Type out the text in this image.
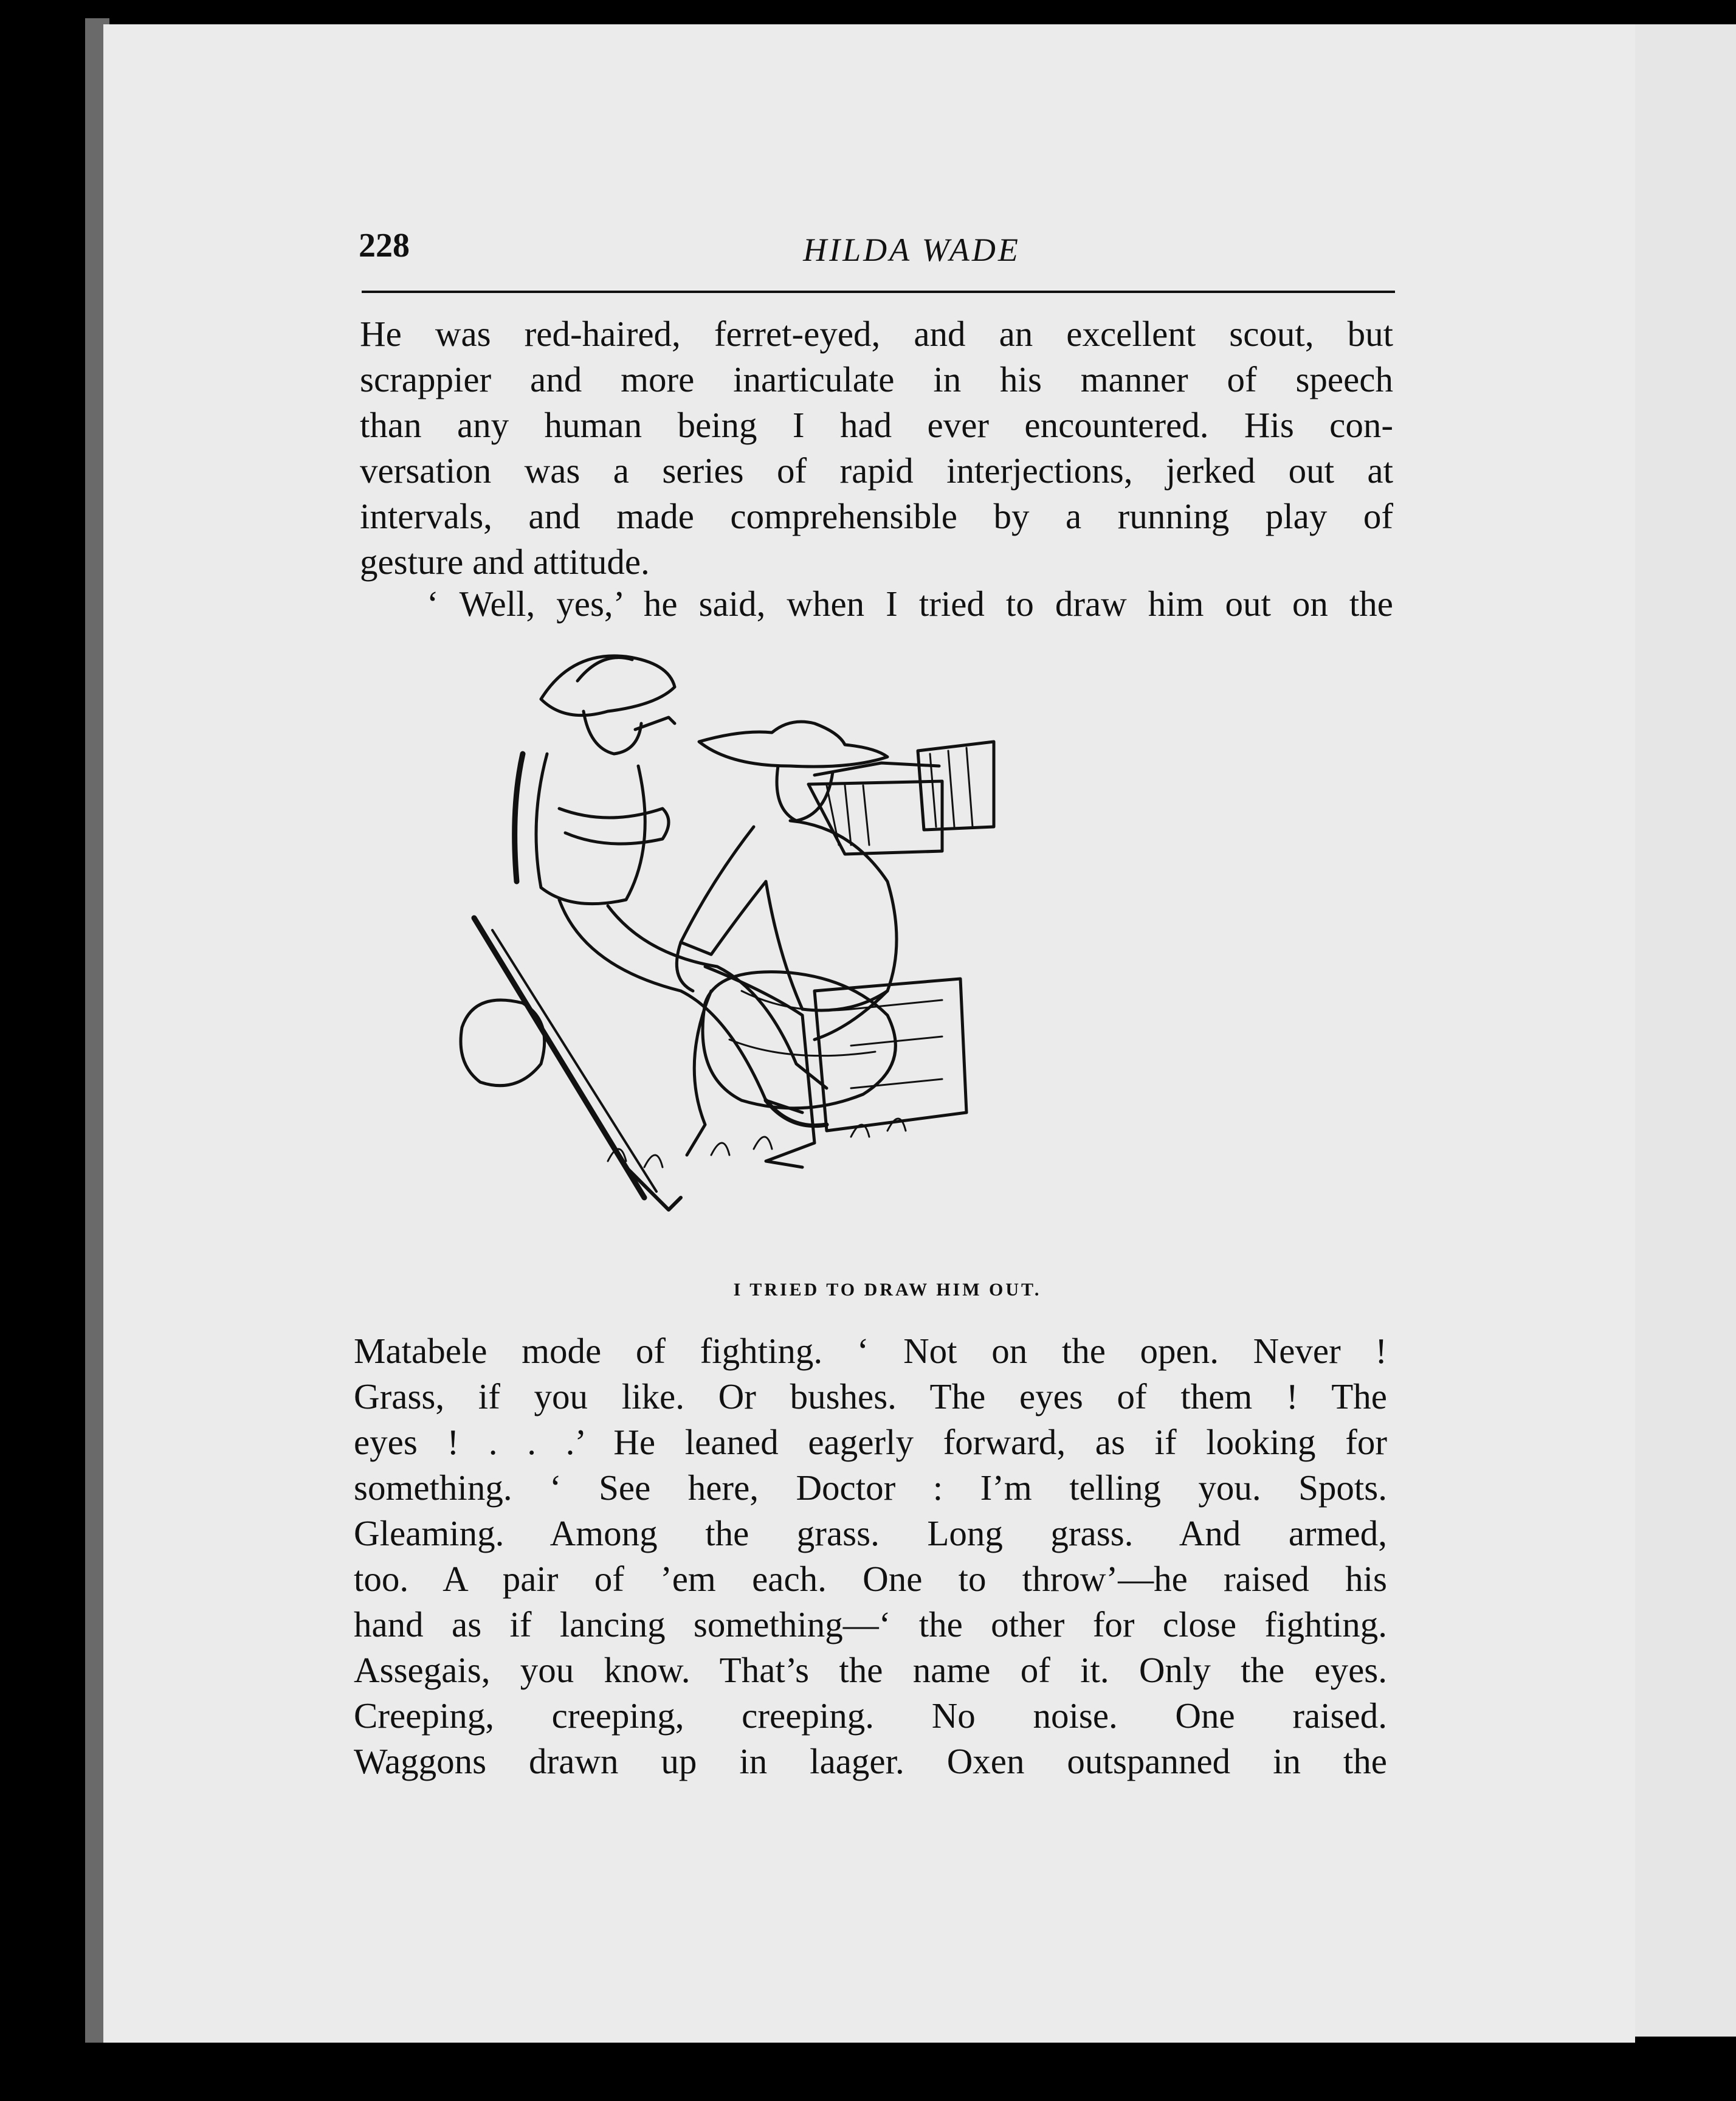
228	HILDA WADE
He was red-haired, ferret-eyed, and an excellent scout, but
scrappier and more inarticulate in his manner of speech
than any human being I had ever encountered. His con-
versation was a series of rapid interjections, jerked out at
intervals, and made comprehensible by a running play of
gesture and attitude.
‘ Well, yes,’ he said, when I tried to draw him out on the
I TRIED TO DRAW HIM OUT.
Matabele mode of fighting. ‘ Not on the open. Never !
Grass, if you like. Or bushes. The eyes of them ! The
eyes ! . . .’ He leaned eagerly forward, as if looking for
something. ‘ See here, Doctor : I’m telling you. Spots.
Gleaming. Among the grass. Long grass. And armed,
too. A pair of ’em each. One to throw’—he raised his
hand as if lancing something—‘ the other for close fighting.
Assegais, you know. That’s the name of it. Only the eyes.
Creeping, creeping, creeping. No noise. One raised.
Waggons drawn up in laager. Oxen outspanned in the
